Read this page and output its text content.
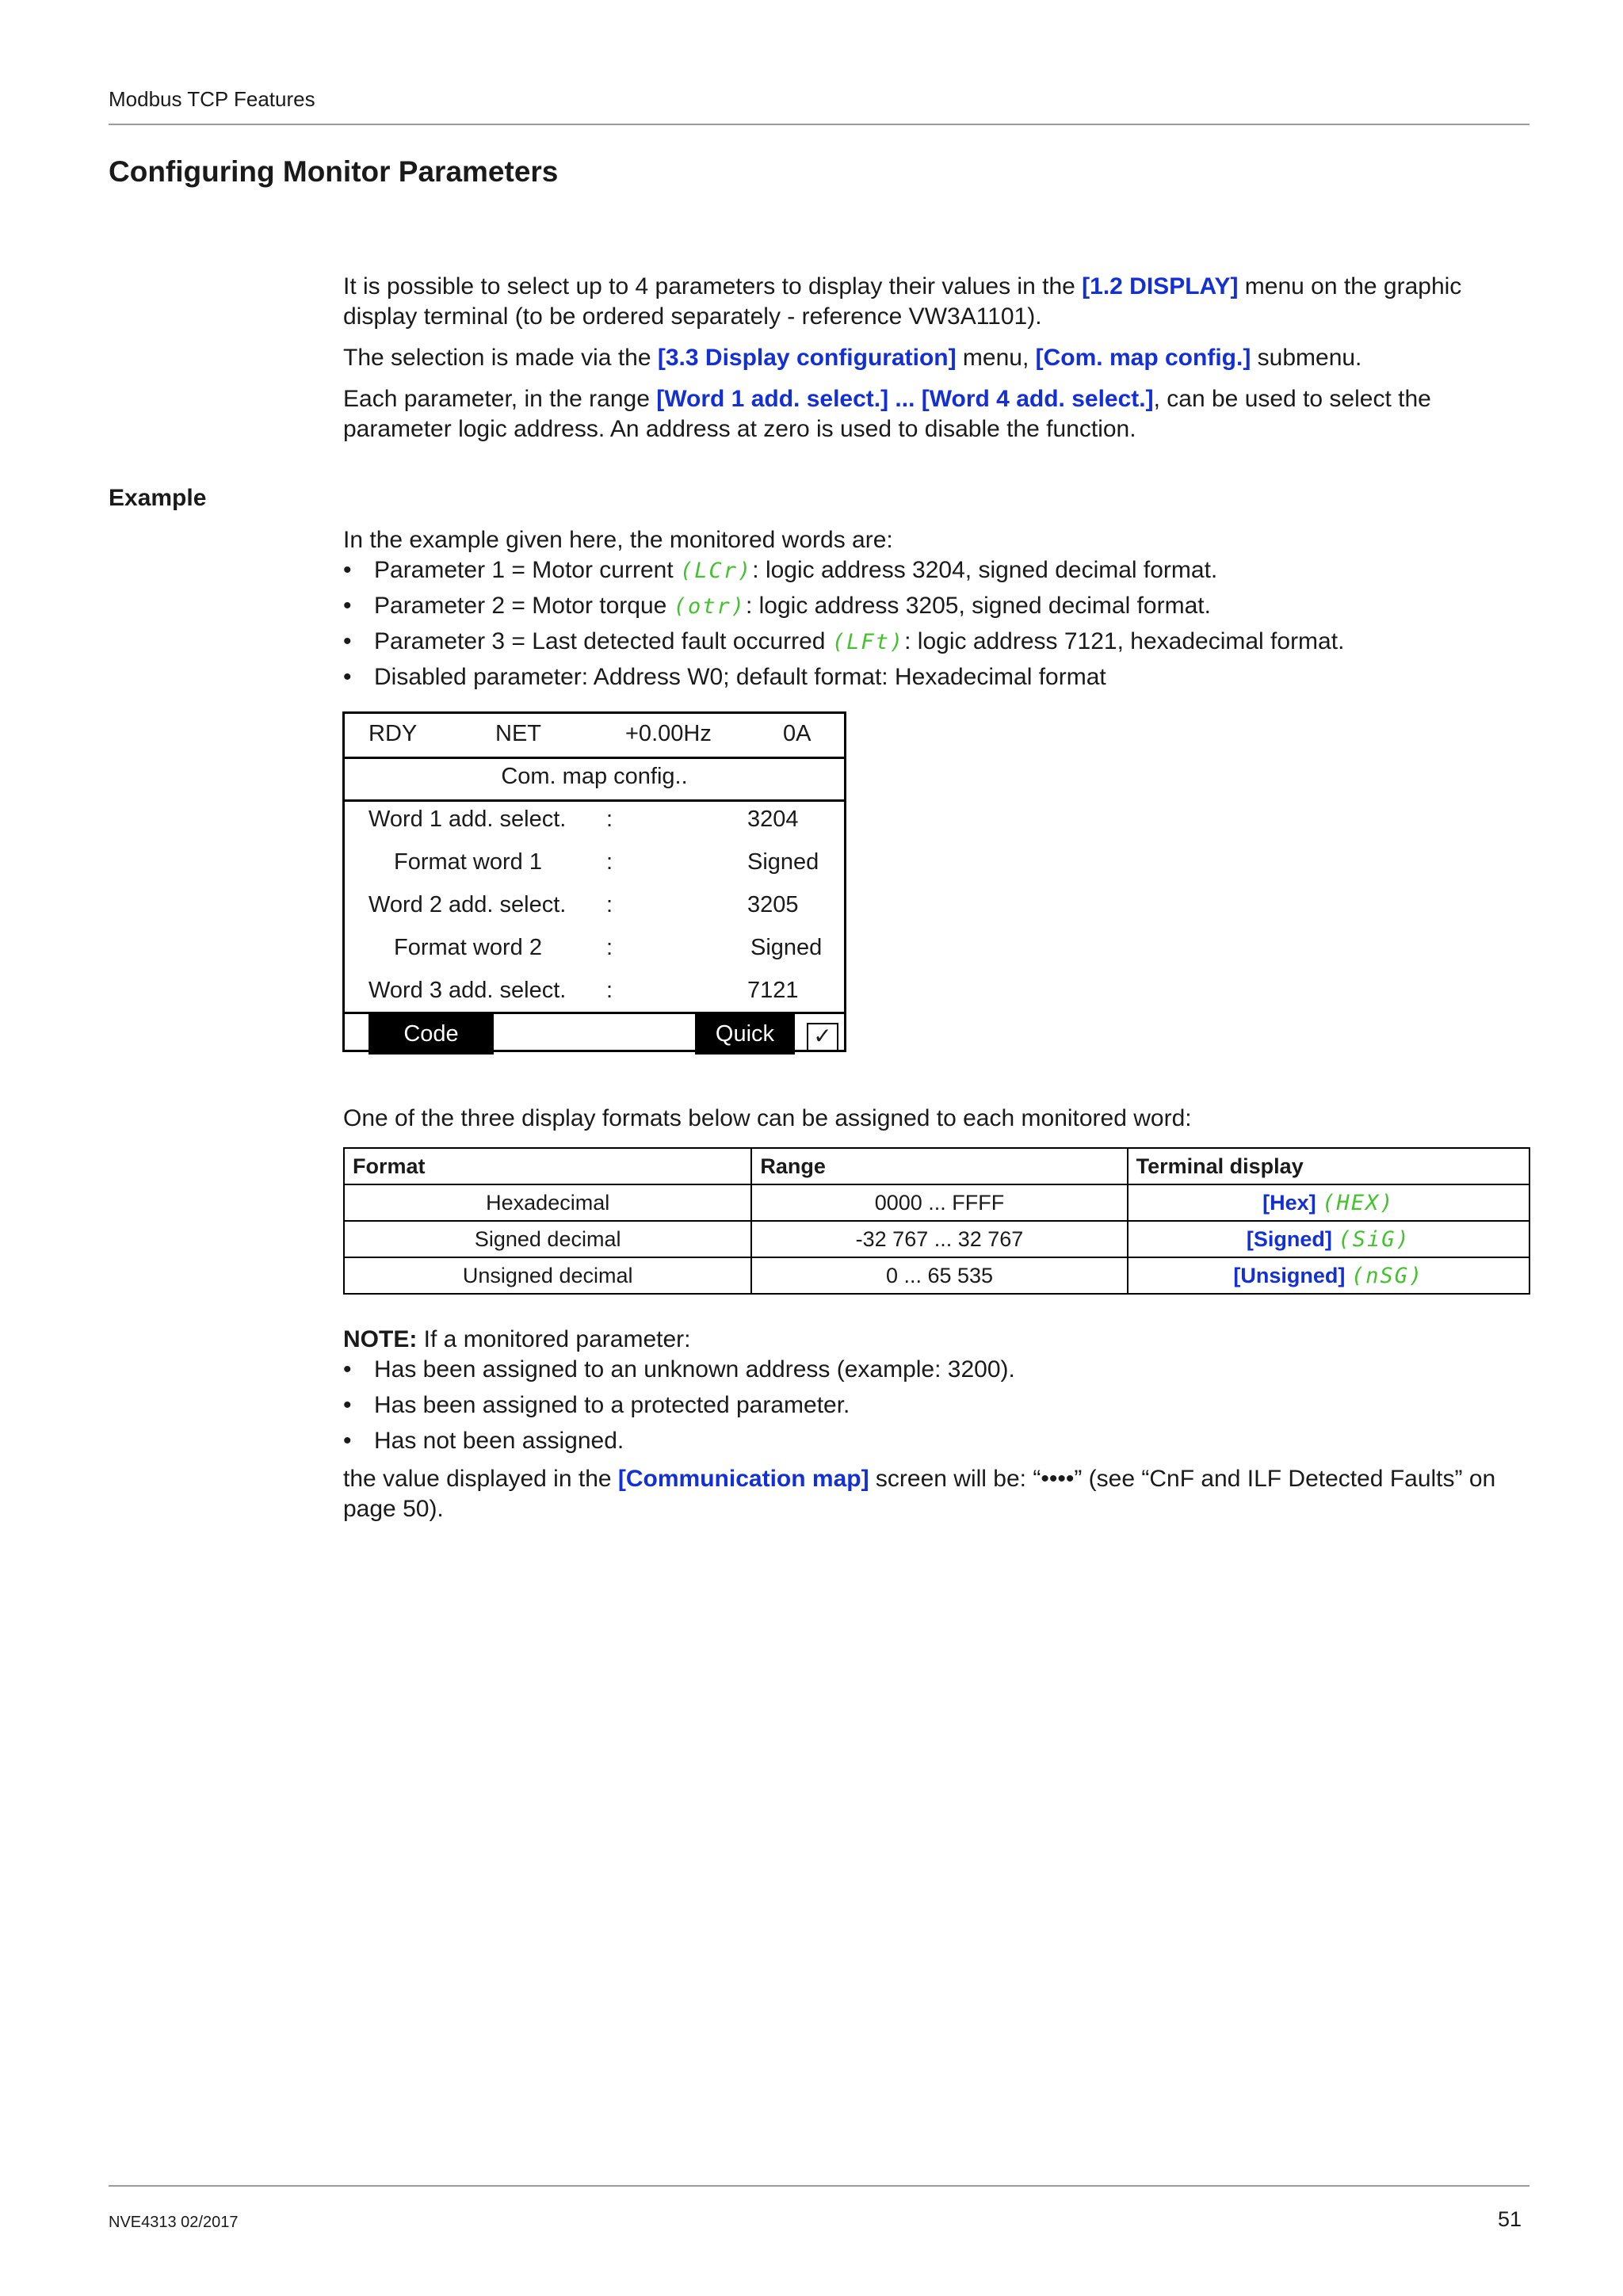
Modbus TCP Features
Configuring Monitor Parameters

It is possible to select up to 4 parameters to display their values in the [1.2 DISPLAY] menu on the graphic
display terminal (to be ordered separately - reference VW3A1101).

The selection is made via the [3.3 Display configuration] menu, [Com. map config.] submenu.

Each parameter, in the range [Word 1 add. select.] ... [Word 4 add. select.], can be used to select the
parameter logic address. An address at zero is used to disable the function.

Example

In the example given here, the monitored words are:

• Parameter 1 = Motor current (LCr): logic address 3204, signed decimal format.
• Parameter 2 = Motor torque (otr): logic address 3205, signed decimal format.
• Parameter 3 = Last detected fault occurred (LFt): logic address 7121, hexadecimal format.
• Disabled parameter: Address W0; default format: Hexadecimal format
RDY	NET	+0.00Hz	0A
Com. map config..
Word 1 add. select. :	3204
Format word 1	:	Signed
Word 2 add. select. :	3205
Format word 2	:	Signed
Word 3 add. select. :	7121
Code	Quick	✓
One of the three display formats below can be assigned to each monitored word:
Format	Range	Terminal display
Hexadecimal	0000 ... FFFF	[Hex] (HEX)
Signed decimal	-32 767 ... 32 767	[Signed] (SiG)
Unsigned decimal	0 ... 65 535	[Unsigned] (nSG)

NOTE: If a monitored parameter:

• Has been assigned to an unknown address (example: 3200).
• Has been assigned to a protected parameter.
• Has not been assigned.

the value displayed in the [Communication map] screen will be: “••••” (see “CnF and ILF Detected Faults” on
page 50).

NVE4313 02/2017	51
